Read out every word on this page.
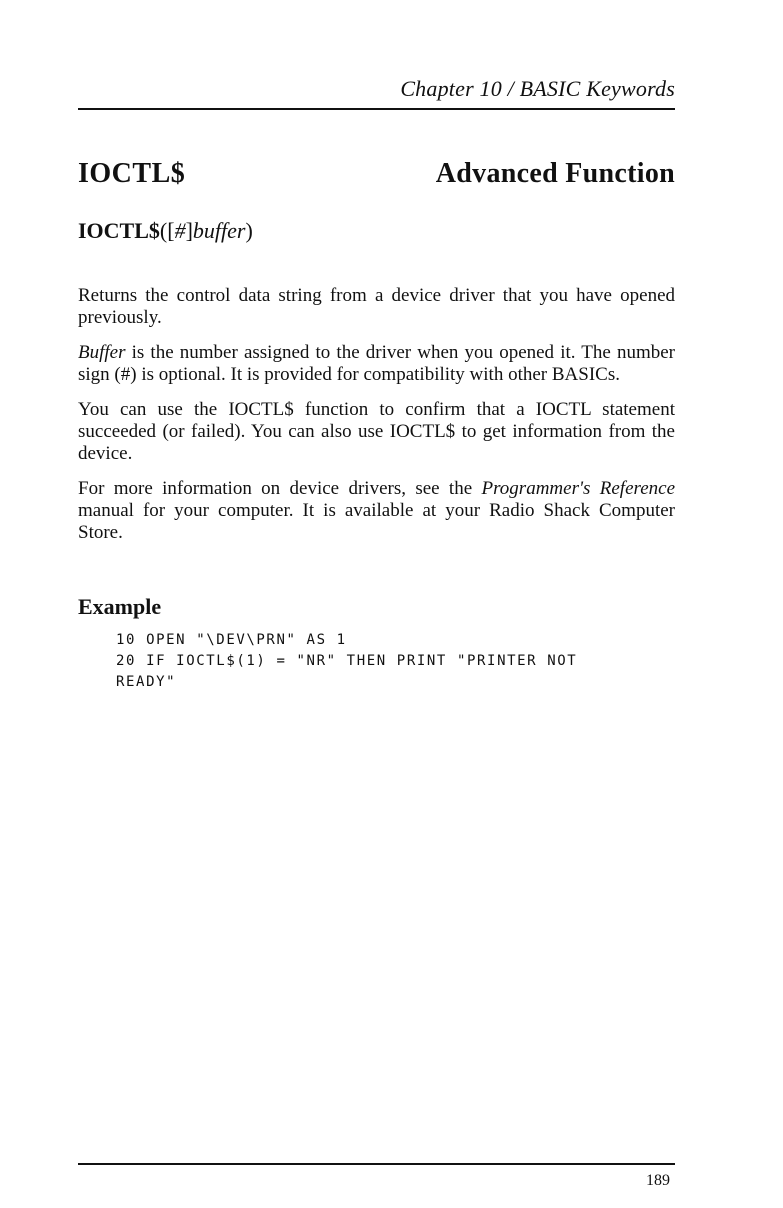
Chapter 10 / BASIC Keywords
IOCTL$	Advanced Function
IOCTL$([#]buffer)

Returns the control data string from a device driver that you have opened previously.

Buffer is the number assigned to the driver when you opened it. The number sign (#) is optional. It is provided for compatibility with other BASICs.

You can use the IOCTL$ function to confirm that a IOCTL statement succeeded (or failed). You can also use IOCTL$ to get information from the device.

For more information on device drivers, see the Programmer's Reference manual for your computer. It is available at your Radio Shack Computer Store.

Example
10 OPEN "\DEV\PRN" AS 1
20 IF IOCTL$(1) = "NR" THEN PRINT "PRINTER NOT
READY"
189
